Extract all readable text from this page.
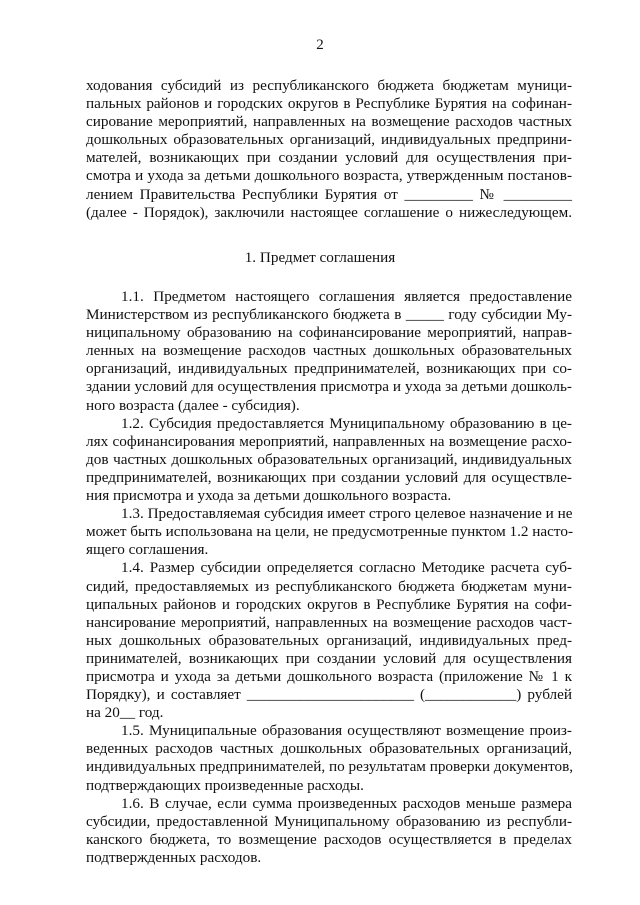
2
ходования субсидий из республиканского бюджета бюджетам муници-
пальных районов и городских округов в Республике Бурятия на софинан-
сирование мероприятий, направленных на возмещение расходов частных
дошкольных образовательных организаций, индивидуальных предприни-
мателей, возникающих при создании условий для осуществления при-
смотра и ухода за детьми дошкольного возраста, утвержденным постанов-
лением Правительства Республики Бурятия от _________ № _________
(далее - Порядок), заключили настоящее соглашение о нижеследующем.
1. Предмет соглашения
1.1. Предметом настоящего соглашения является предоставление
Министерством из республиканского бюджета в _____ году субсидии Му-
ниципальному образованию на софинансирование мероприятий, направ-
ленных на возмещение расходов частных дошкольных образовательных
организаций, индивидуальных предпринимателей, возникающих при со-
здании условий для осуществления присмотра и ухода за детьми дошколь-
ного возраста (далее - субсидия).
1.2. Субсидия предоставляется Муниципальному образованию в це-
лях софинансирования мероприятий, направленных на возмещение расхо-
дов частных дошкольных образовательных организаций, индивидуальных
предпринимателей, возникающих при создании условий для осуществле-
ния присмотра и ухода за детьми дошкольного возраста.
1.3. Предоставляемая субсидия имеет строго целевое назначение и не
может быть использована на цели, не предусмотренные пунктом 1.2 насто-
ящего соглашения.
1.4. Размер субсидии определяется согласно Методике расчета суб-
сидий, предоставляемых из республиканского бюджета бюджетам муни-
ципальных районов и городских округов в Республике Бурятия на софи-
нансирование мероприятий, направленных на возмещение расходов част-
ных дошкольных образовательных организаций, индивидуальных пред-
принимателей, возникающих при создании условий для осуществления
присмотра и ухода за детьми дошкольного возраста (приложение № 1 к
Порядку), и составляет ______________________ (____________) рублей
на 20__ год.
1.5. Муниципальные образования осуществляют возмещение произ-
веденных расходов частных дошкольных образовательных организаций,
индивидуальных предпринимателей, по результатам проверки документов,
подтверждающих произведенные расходы.
1.6. В случае, если сумма произведенных расходов меньше размера
субсидии, предоставленной Муниципальному образованию из республи-
канского бюджета, то возмещение расходов осуществляется в пределах
подтвержденных расходов.
